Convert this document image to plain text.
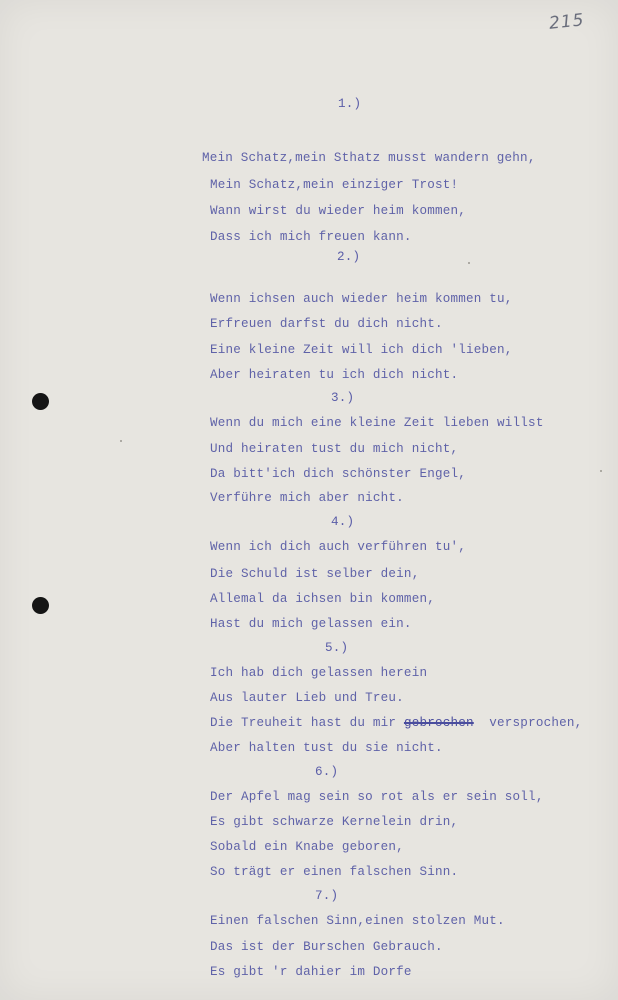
215
1.)
Mein Schatz,mein Sthatz musst wandern gehn,
Mein Schatz,mein einziger Trost!
Wann wirst du wieder heim kommen,
Dass ich mich freuen kann.
2.)
Wenn ichsen auch wieder heim kommen tu,
Erfreuen darfst du dich nicht.
Eine kleine Zeit will ich dich 'lieben,
Aber heiraten tu ich dich nicht.
3.)
Wenn du mich eine kleine Zeit lieben willst
Und heiraten tust du mich nicht,
Da bitt'ich dich schönster Engel,
Verführe mich aber nicht.
4.)
Wenn ich dich auch verführen tu',
Die Schuld ist selber dein,
Allemal da ichsen bin kommen,
Hast du mich gelassen ein.
5.)
Ich hab dich gelassen herein
Aus lauter Lieb und Treu.
Die Treuheit hast du mir gebrochen  versprochen,
Aber halten tust du sie nicht.
6.)
Der Apfel mag sein so rot als er sein soll,
Es gibt schwarze Kernelein drin,
Sobald ein Knabe geboren,
So trägt er einen falschen Sinn.
7.)
Einen falschen Sinn,einen stolzen Mut.
Das ist der Burschen Gebrauch.
Es gibt 'r dahier im Dorfe
